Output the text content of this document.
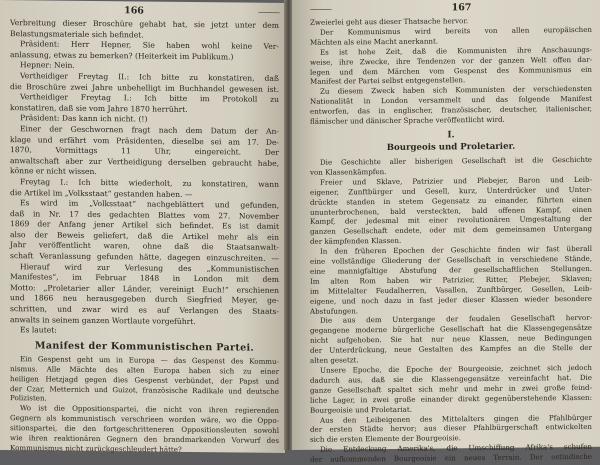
166	———
Verbreitung dieser Broschüre gehabt hat, sie jetzt unter dem
Belastungsmateriale sich befindet.
Präsident: Herr Hepner, Sie haben wohl keine Ver-
anlassung, etwas zu bemerken? (Heiterkeit im Publikum.)
Hepner: Nein.
Vertheidiger Freytag II.: Ich bitte zu konstatiren, daß
die Broschüre zwei Jahre unbehelligt im Buchhandel gewesen ist.
Vertheidiger Freytag I.: Ich bitte im Protokoll zu
konstatiren, daß sie vom Jahre 1870 herrührt.
Präsident: Das kann ich nicht. (!)
Einer der Geschwornen fragt nach dem Datum der An-
klage und erfährt vom Präsidenten, dieselbe sei am 17. De-
1870, Vormittags 11 Uhr, eingereicht. Der
anwaltschaft aber zur Vertheidigung derselben gebraucht habe,
könne er nicht wissen.
Freytag I.: Ich bitte wiederholt, zu konstatiren, wann
die Artikel im „Volksstaat“ gestanden haben. —
Es wird im „Volksstaat“ nachgeblättert und gefunden,
daß in Nr. 17 des gedachten Blattes vom 27. November
1869 der Anfang jener Artikel sich befindet. Es ist damit
also der Beweis geliefert, daß die Artikel mehr als ein
Jahr veröffentlicht waren, ohne daß die Staatsanwalt-
schaft Veranlassung gefunden hätte, dagegen einzuschreiten. —
Hierauf wird zur Verlesung des „Kommunistischen
Manifestes“, im Februar 1848 in London mit dem
Motto: „Proletarier aller Länder, vereinigt Euch!“ erschienen
und 1866 neu herausgegeben durch Siegfried Meyer, ge-
schritten, und zwar wird es auf Verlangen des Staats-
anwalts in seinem ganzen Wortlaute vorgeführt.
Es lautet:
Manifest der Kommunistischen Partei.
Ein Gespenst geht um in Europa — das Gespenst des Kommu-
nismus. Alle Mächte des alten Europa haben sich zu einer
heiligen Hetzjagd gegen dies Gespenst verbündet, der Papst und
der Czar, Metternich und Guizot, französische Radikale und deutsche
Polizisten.
Wo ist die Oppositionspartei, die nicht von ihren regierenden
Gegnern als kommunistisch verschrieen worden wäre, wo die Oppo-
sitionspartei, die den fortgeschritteneren Oppositionsleuten sowohl
wie ihren reaktionären Gegnern den brandmarkenden Vorwurf des
Kommunismus nicht zurückgeschleudert hätte?
———	167
Zweierlei geht aus dieser Thatsache hervor.
Der Kommunismus wird bereits von allen europäischen
Mächten als eine Macht anerkannt.
Es ist hohe Zeit, daß die Kommunisten ihre Anschauungs-
weise, ihre Zwecke, ihre Tendenzen vor der ganzen Welt offen dar-
legen und dem Märchen vom Gespenst des Kommunismus ein
Manifest der Partei selbst entgegenstellen.
Zu diesem Zweck haben sich Kommunisten der verschiedensten
Nationalität in London versammelt und das folgende Manifest
entworfen, das in englischer, französischer, deutscher, italienischer,
flämischer und dänischer Sprache veröffentlicht wird.
I.
Bourgeois und Proletarier.
Die Geschichte aller bisherigen Gesellschaft ist die Geschichte
von Klassenkämpfen.
Freier und Sklave, Patrizier und Plebejer, Baron und Leib-
eigener, Zunftbürger und Gesell, kurz, Unterdrücker und Unter-
drückte standen in stetem Gegensatz zu einander, führten einen
ununterbrochenen, bald versteckten, bald offenen Kampf, einen
Kampf, der jedesmal mit einer revolutionären Umgestaltung der
ganzen Gesellschaft endete, oder mit dem gemeinsamen Untergang
der kämpfenden Klassen.
In den früheren Epochen der Geschichte finden wir fast überall
eine vollständige Gliederung der Gesellschaft in verschiedene Stände,
eine mannigfaltige Abstufung der gesellschaftlichen Stellungen.
Im alten Rom haben wir Patrizier, Ritter, Plebejer, Sklaven;
im Mittelalter Feudalherren, Vasallen, Zunftbürger, Gesellen, Leib-
eigene, und noch dazu in fast jeder dieser Klassen wieder besondere
Abstufungen.
Die aus dem Untergange der feudalen Gesellschaft hervor-
gegangene moderne bürgerliche Gesellschaft hat die Klassengegensätze
nicht aufgehoben. Sie hat nur neue Klassen, neue Bedingungen
der Unterdrückung, neue Gestalten des Kampfes an die Stelle der
alten gesetzt.
Unsere Epoche, die Epoche der Bourgeoisie, zeichnet sich jedoch
dadurch aus, daß sie die Klassengegensätze vereinfacht hat. Die
ganze Gesellschaft spaltet sich mehr und mehr in zwei große feind-
liche Lager, in zwei große einander direkt gegenüberstehende Klassen:
Bourgeoisie und Proletariat.
Aus den Leibeigenen des Mittelalters gingen die Pfahlbürger
der ersten Städte hervor; aus dieser Pfahlbürgerschaft entwickelten
sich die ersten Elemente der Bourgeoisie.
Die Entdeckung Amerika's, die Umschiffung Afrika's schufen
der aufkommenden Bourgeoisie ein neues Terrain. Der ostindische
